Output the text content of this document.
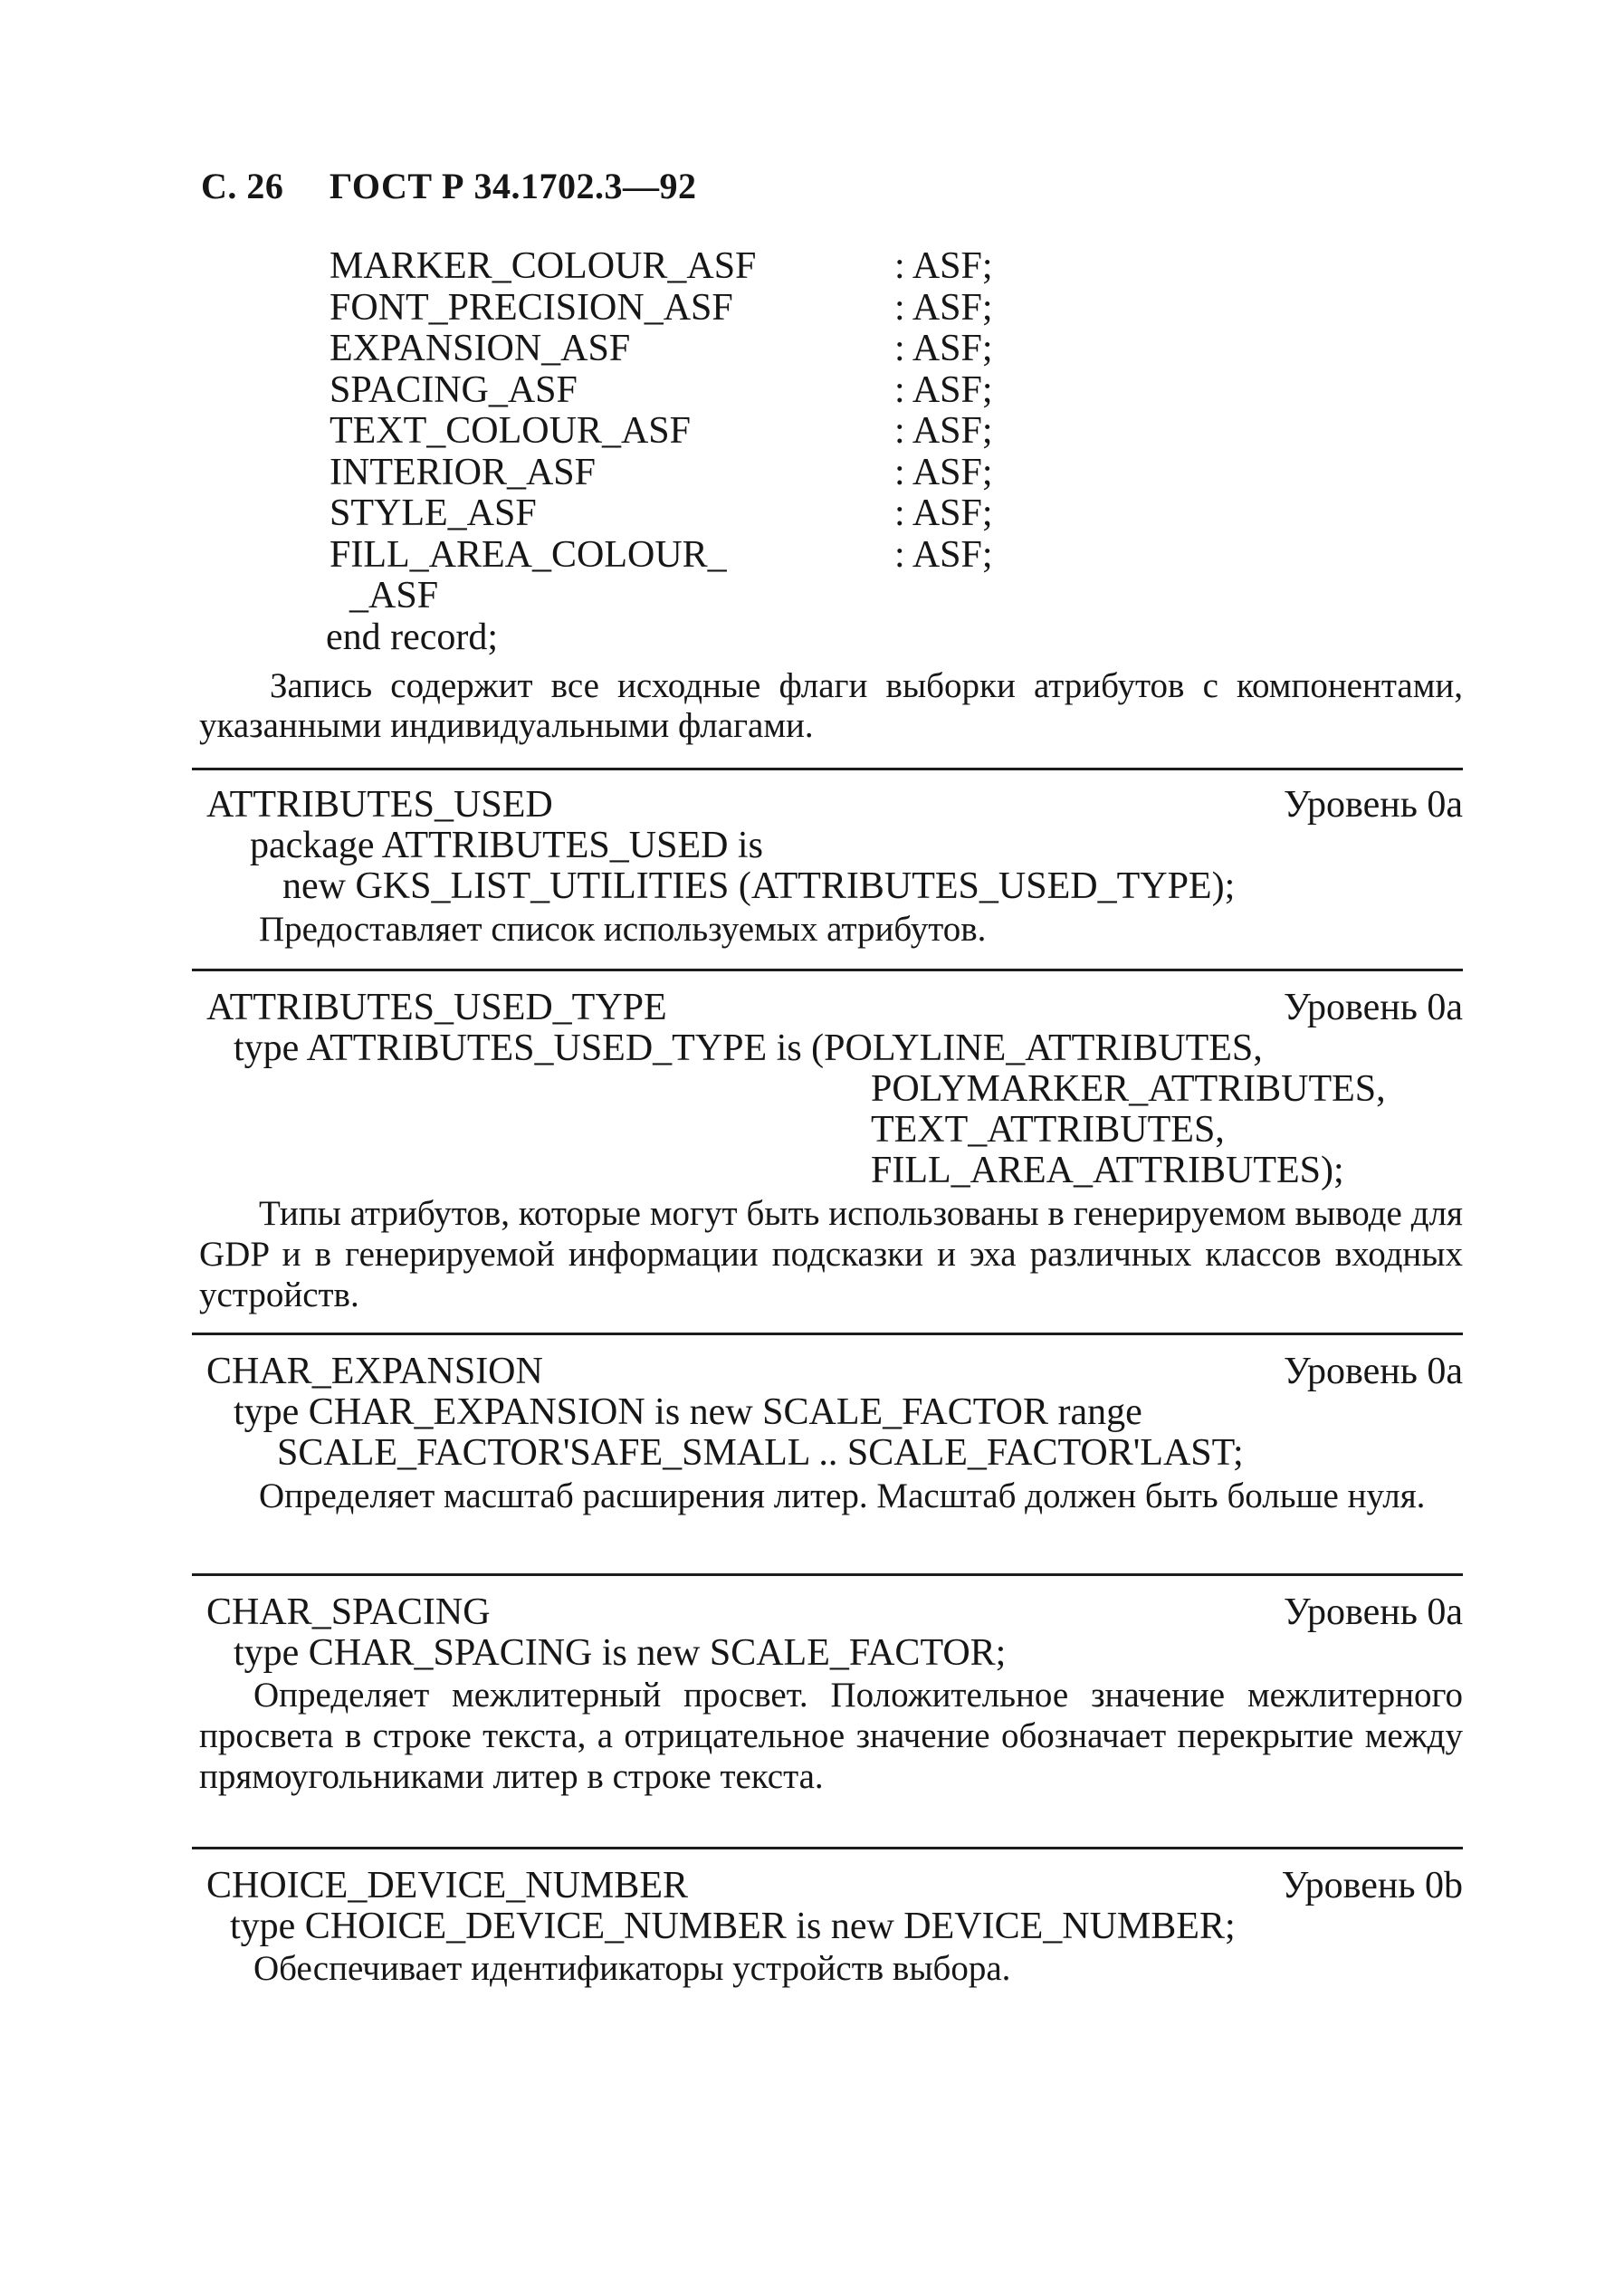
С. 26 ГОСТ Р 34.1702.3—92
MARKER_COLOUR_ASF	: ASF;
FONT_PRECISION_ASF	: ASF;
EXPANSION_ASF	: ASF;
SPACING_ASF	: ASF;
TEXT_COLOUR_ASF	: ASF;
INTERIOR_ASF	: ASF;
STYLE_ASF	: ASF;
FILL_AREA_COLOUR_	: ASF;
_ASF
end record;
Запись содержит все исходные флаги выборки атрибутов с компонентами, указанными индивидуальными флагами.
ATTRIBUTES_USED	Уровень 0а
package ATTRIBUTES_USED is
new GKS_LIST_UTILITIES (ATTRIBUTES_USED_TYPE);
Предоставляет список используемых атрибутов.
ATTRIBUTES_USED_TYPE	Уровень 0а
type ATTRIBUTES_USED_TYPE is (POLYLINE_ATTRIBUTES,
POLYMARKER_ATTRIBUTES,
TEXT_ATTRIBUTES,
FILL_AREA_ATTRIBUTES);
Типы атрибутов, которые могут быть использованы в генерируемом выводе для GDP и в генерируемой информации подсказки и эха различных классов входных устройств.
CHAR_EXPANSION	Уровень 0а
type CHAR_EXPANSION is new SCALE_FACTOR range
SCALE_FACTOR'SAFE_SMALL .. SCALE_FACTOR'LAST;
Определяет масштаб расширения литер. Масштаб должен быть больше нуля.
CHAR_SPACING	Уровень 0а
type CHAR_SPACING is new SCALE_FACTOR;
Определяет межлитерный просвет. Положительное значение межлитерного просвета в строке текста, а отрицательное значение обозначает перекрытие между прямоугольниками литер в строке текста.
CHOICE_DEVICE_NUMBER	Уровень 0b
type CHOICE_DEVICE_NUMBER is new DEVICE_NUMBER;
Обеспечивает идентификаторы устройств выбора.
